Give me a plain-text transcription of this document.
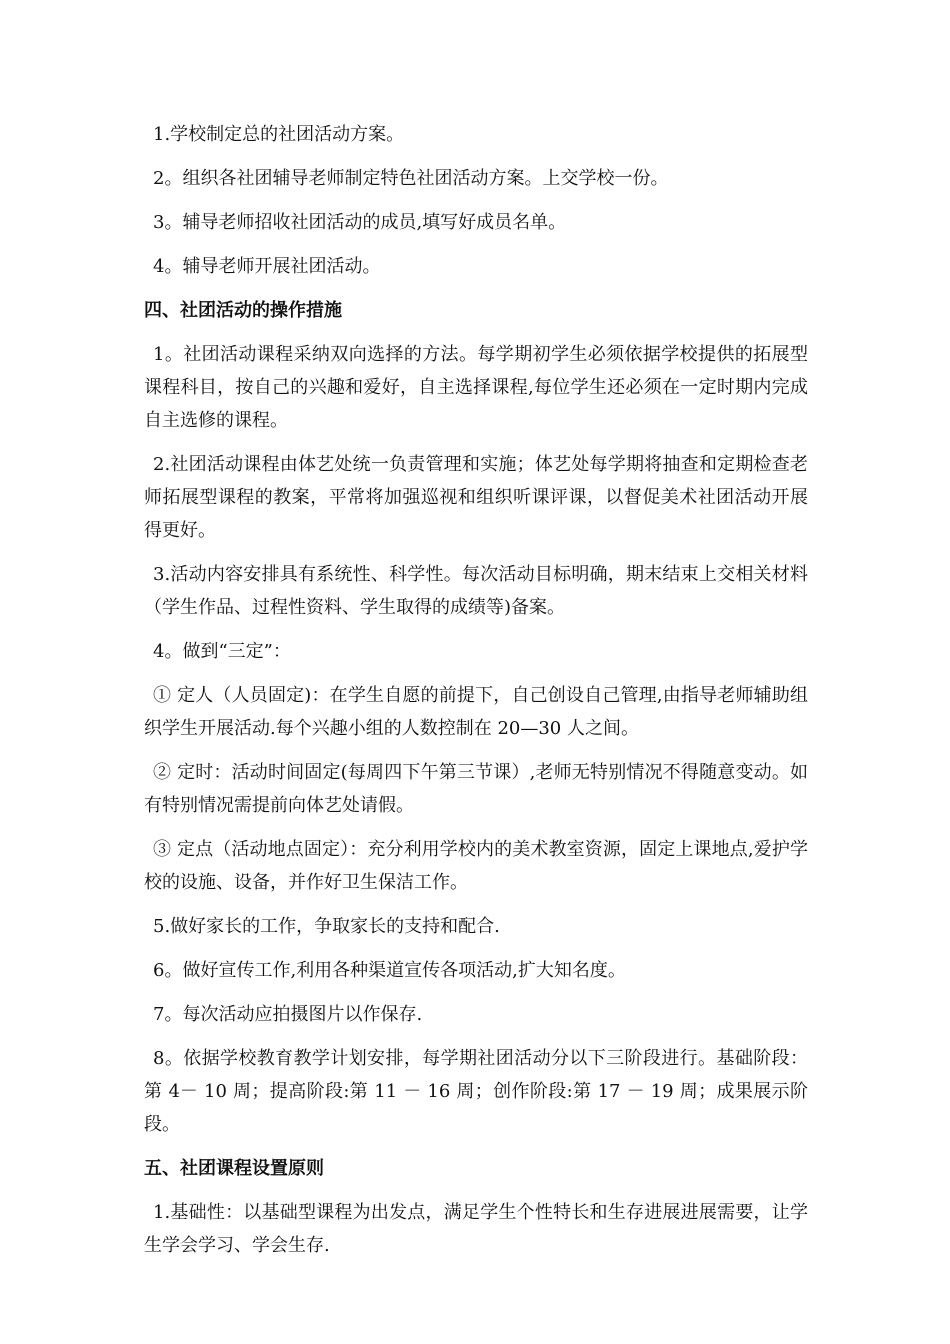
1.学校制定总的社团活动方案。

2。组织各社团辅导老师制定特色社团活动方案。上交学校一份。

3。辅导老师招收社团活动的成员,填写好成员名单。

4。辅导老师开展社团活动。

四、社团活动的操作措施

1。社团活动课程采纳双向选择的方法。每学期初学生必须依据学校提供的拓展型课程科目，按自己的兴趣和爱好，自主选择课程,每位学生还必须在一定时期内完成自主选修的课程。

2.社团活动课程由体艺处统一负责管理和实施；体艺处每学期将抽查和定期检查老师拓展型课程的教案，平常将加强巡视和组织听课评课，以督促美术社团活动开展得更好。

3.活动内容安排具有系统性、科学性。每次活动目标明确，期末结束上交相关材料（学生作品、过程性资料、学生取得的成绩等)备案。

4。做到“三定”：

① 定人（人员固定)：在学生自愿的前提下，自己创设自己管理,由指导老师辅助组织学生开展活动.每个兴趣小组的人数控制在 20—30 人之间。

② 定时：活动时间固定(每周四下午第三节课）,老师无特别情况不得随意变动。如有特别情况需提前向体艺处请假。

③ 定点（活动地点固定）：充分利用学校内的美术教室资源，固定上课地点,爱护学校的设施、设备，并作好卫生保洁工作。

5.做好家长的工作，争取家长的支持和配合.

6。做好宣传工作,利用各种渠道宣传各项活动,扩大知名度。

7。每次活动应拍摄图片以作保存.

8。依据学校教育教学计划安排，每学期社团活动分以下三阶段进行。基础阶段：第 4－ 10 周；提高阶段:第 11 － 16 周；创作阶段:第 17 － 19 周；成果展示阶段。

五、社团课程设置原则

1.基础性：以基础型课程为出发点，满足学生个性特长和生存进展进展需要，让学生学会学习、学会生存.
